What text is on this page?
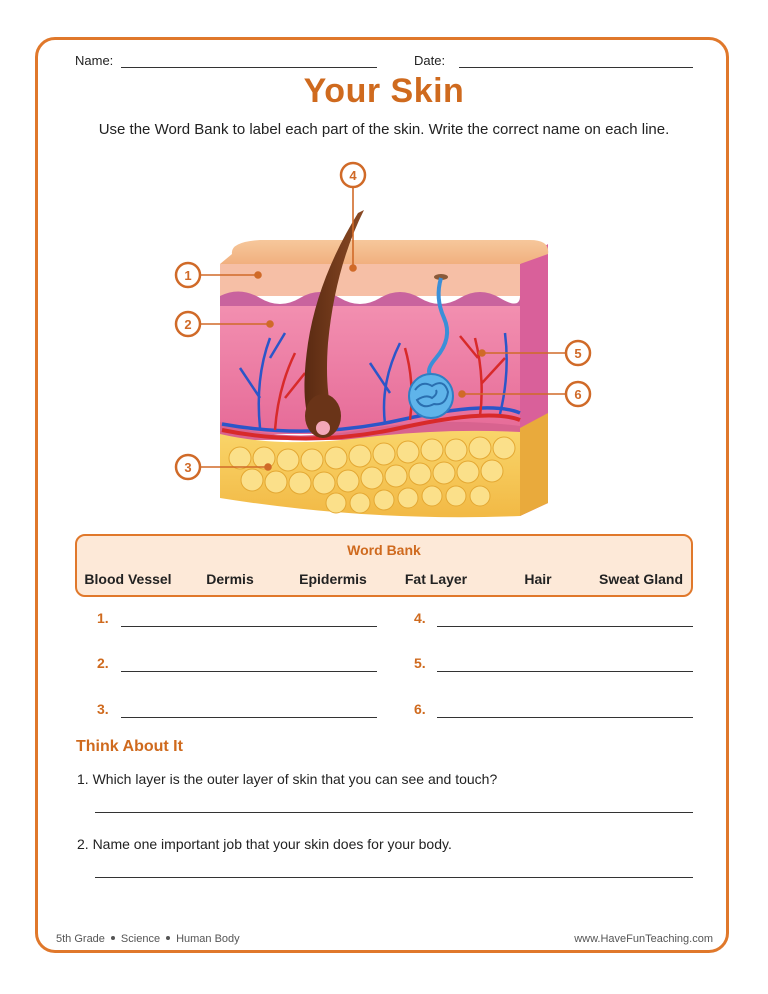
Name:	Date:
Your Skin
Use the Word Bank to label each part of the skin. Write the correct name on each line.
1
2
3
4
5
6
Word Bank
Blood Vessel Dermis	Epidermis	Fat Layer	Hair	Sweat Gland
1.
2.
3.
4.
5.
6.
Think About It
1. Which layer is the outer layer of skin that you can see and touch?
2. Name one important job that your skin does for your body.
5th Grade Science Human Body	www.HaveFunTeaching.com
